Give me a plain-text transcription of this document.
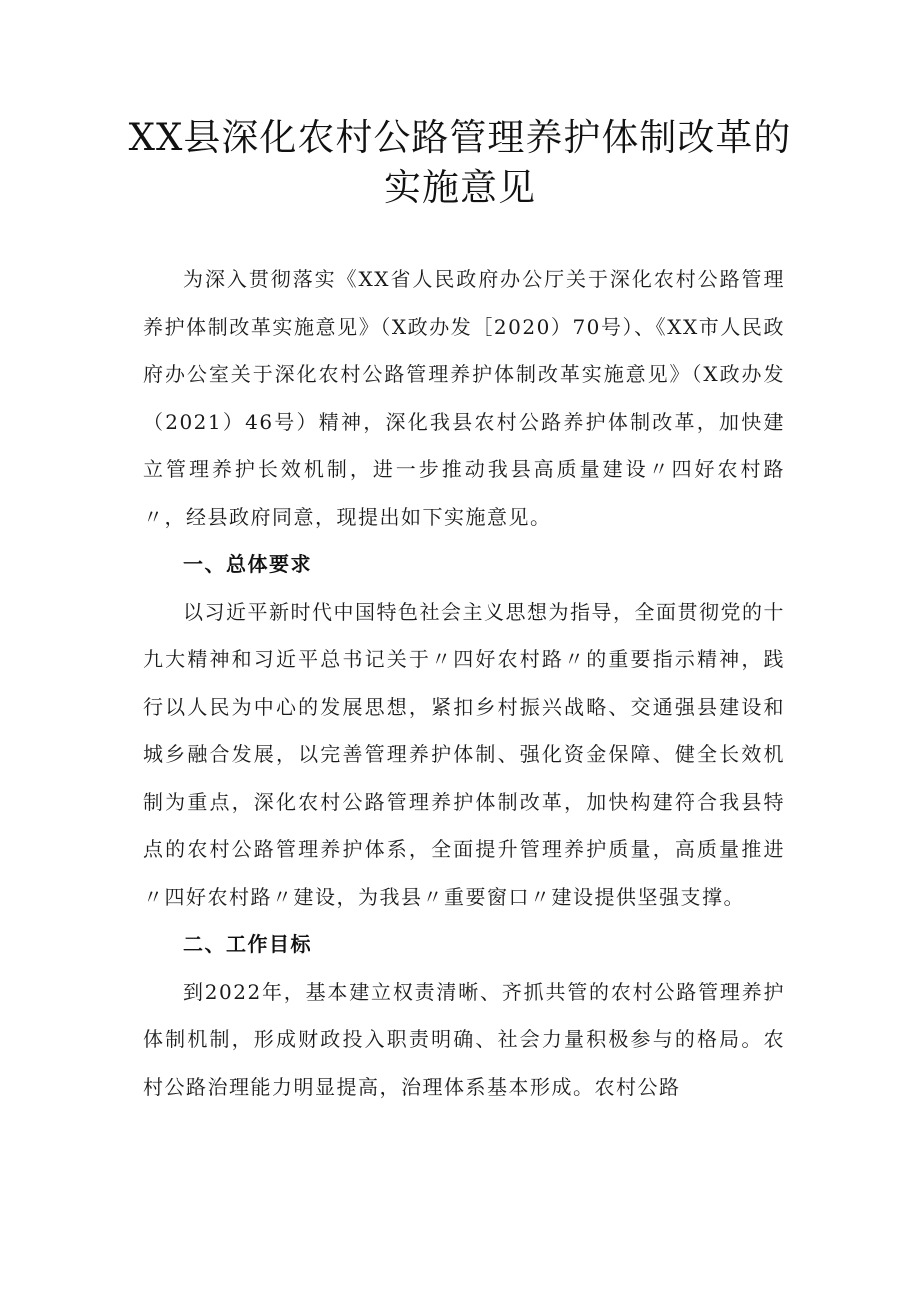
XX县深化农村公路管理养护体制改革的
实施意见

为深入贯彻落实《XX省人民政府办公厅关于深化农村公路管理养护体制改革实施意见》（X政办发［2020）70号）、《XX市人民政府办公室关于深化农村公路管理养护体制改革实施意见》（X政办发（2021）46号）精神，深化我县农村公路养护体制改革，加快建立管理养护长效机制，进一步推动我县高质量建设〃四好农村路〃，经县政府同意，现提出如下实施意见。

一、总体要求

以习近平新时代中国特色社会主义思想为指导，全面贯彻党的十九大精神和习近平总书记关于〃四好农村路〃的重要指示精神，践行以人民为中心的发展思想，紧扣乡村振兴战略、交通强县建设和城乡融合发展，以完善管理养护体制、强化资金保障、健全长效机制为重点，深化农村公路管理养护体制改革，加快构建符合我县特点的农村公路管理养护体系，全面提升管理养护质量，高质量推进〃四好农村路〃建设，为我县〃重要窗口〃建设提供坚强支撑。

二、工作目标

到2022年，基本建立权责清晰、齐抓共管的农村公路管理养护体制机制，形成财政投入职责明确、社会力量积极参与的格局。农村公路治理能力明显提高，治理体系基本形成。农村公路
